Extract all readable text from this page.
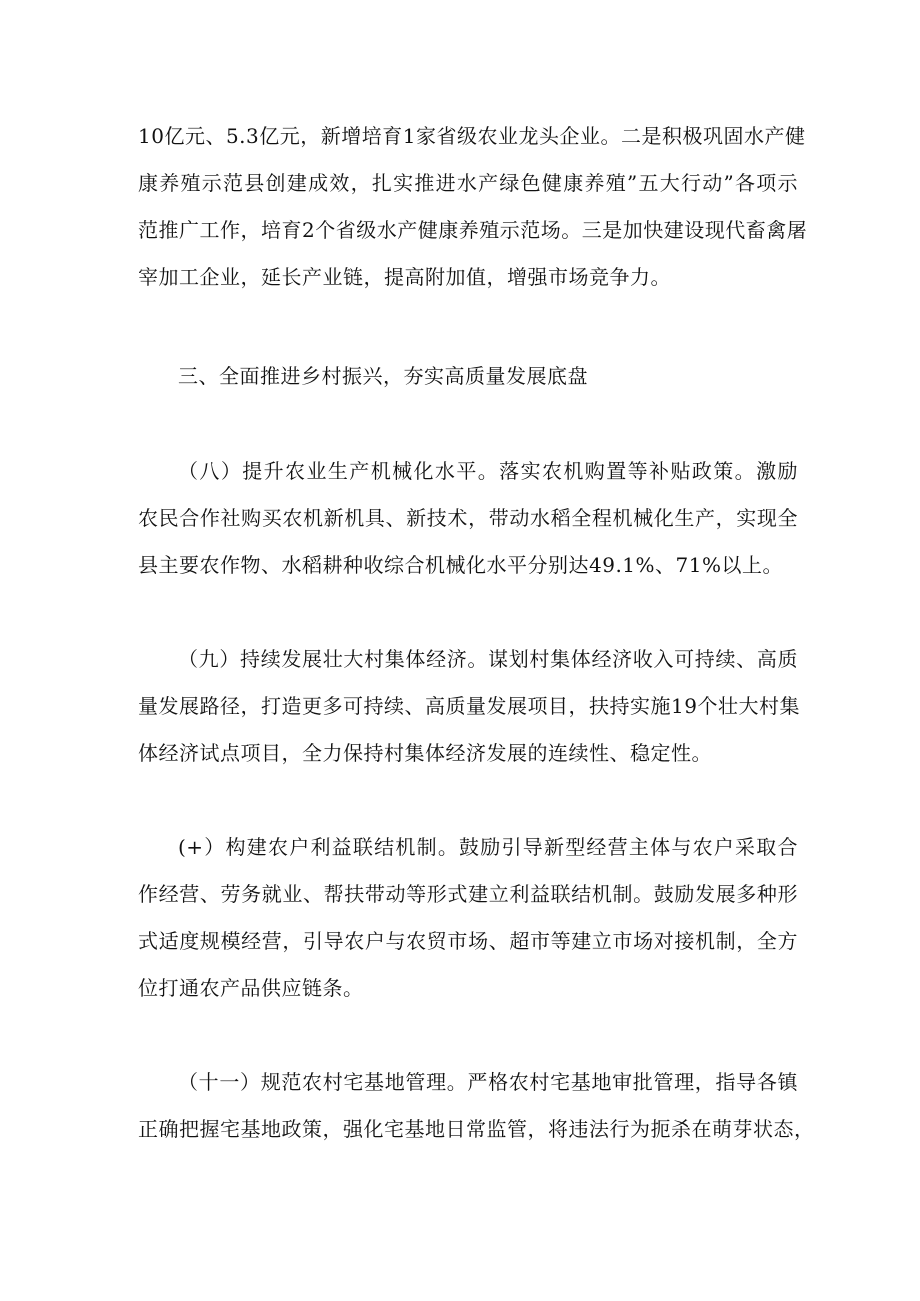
10亿元、5.3亿元，新增培育1家省级农业龙头企业。二是积极巩固水产健
康养殖示范县创建成效，扎实推进水产绿色健康养殖”五大行动”各项示
范推广工作，培育2个省级水产健康养殖示范场。三是加快建设现代畜禽屠
宰加工企业，延长产业链，提高附加值，增强市场竞争力。
三、全面推进乡村振兴，夯实高质量发展底盘
（八）提升农业生产机械化水平。落实农机购置等补贴政策。激励
农民合作社购买农机新机具、新技术，带动水稻全程机械化生产，实现全
县主要农作物、水稻耕种收综合机械化水平分别达49.1%、71%以上。
（九）持续发展壮大村集体经济。谋划村集体经济收入可持续、高质
量发展路径，打造更多可持续、高质量发展项目，扶持实施19个壮大村集
体经济试点项目，全力保持村集体经济发展的连续性、稳定性。
(+）构建农户利益联结机制。鼓励引导新型经营主体与农户采取合
作经营、劳务就业、帮扶带动等形式建立利益联结机制。鼓励发展多种形
式适度规模经营，引导农户与农贸市场、超市等建立市场对接机制，全方
位打通农产品供应链条。
（十一）规范农村宅基地管理。严格农村宅基地审批管理，指导各镇
正确把握宅基地政策，强化宅基地日常监管，将违法行为扼杀在萌芽状态，
